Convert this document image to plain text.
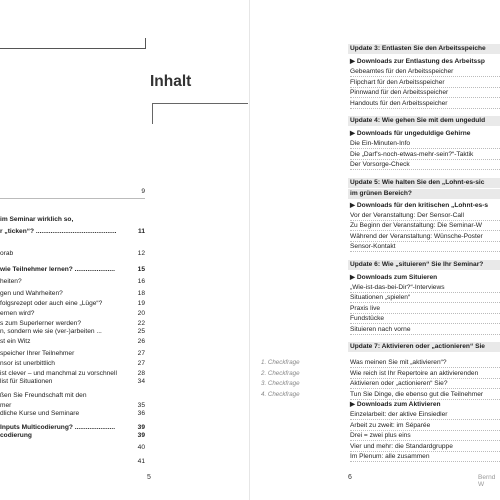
Inhalt
9
im Seminar wirklich so,
r „ticken“? ............................................	11
orab	12
wie Teilnehmer lernen? ......................	15
heiten?	16
gen und Wahrheiten?	18
folgsrezept oder auch eine „Lüge“?	19
ernen wird?	20
s zum Superlerner werden?	22
n, sondern wie sie (ver-)arbeiten ...	25
st ein Witz	26
speicher Ihrer Teilnehmer	27
nsor ist unerbittlich	27
ist clever – und manchmal zu vorschnell	28
list für Situationen	34
ßen Sie Freundschaft mit den
mer	35
dliche Kurse und Seminare	36
Inputs Multicodierung? ......................	39
codierung	39
40
41
5
Update 3: Entlasten Sie den Arbeitsspeiche
▶ Downloads zur Entlastung des Arbeitssp
Gebeamtes für den Arbeitsspeicher
Flipchart für den Arbeitsspeicher
Pinnwand für den Arbeitsspeicher
Handouts für den Arbeitsspeicher
Update 4: Wie gehen Sie mit dem ungeduld
▶ Downloads für ungeduldige Gehirne
Die Ein-Minuten-Info
Die „Darf's-noch-etwas-mehr-sein?“-Taktik
Der Vorsorge-Check
Update 5: Wie halten Sie den „Lohnt-es-sic
im grünen Bereich?
▶ Downloads für den kritischen „Lohnt-es-s
Vor der Veranstaltung: Der Sensor-Call
Zu Beginn der Veranstaltung: Die Seminar-W
Während der Veranstaltung: Wünsche-Poster
Sensor-Kontakt
Update 6: Wie „situieren“ Sie Ihr Seminar?
▶ Downloads zum Situieren
„Wie-ist-das-bei-Dir?“-Interviews
Situationen „spielen“
Praxis live
Fundstücke
Situieren nach vorne
Update 7: Aktivieren oder „actionieren“ Sie
Was meinen Sie mit „aktivieren“?
1. Checkfrage
Wie reich ist Ihr Repertoire an aktivierenden
2. Checkfrage
Aktivieren oder „actionieren“ Sie?
3. Checkfrage
Tun Sie Dinge, die ebenso gut die Teilnehmer
4. Checkfrage
▶ Downloads zum Aktivieren
Einzelarbeit: der aktive Einsiedler
Arbeit zu zweit: im Séparée
Drei = zwei plus eins
Vier und mehr: die Standardgruppe
Im Plenum: alle zusammen
6	Bernd W
